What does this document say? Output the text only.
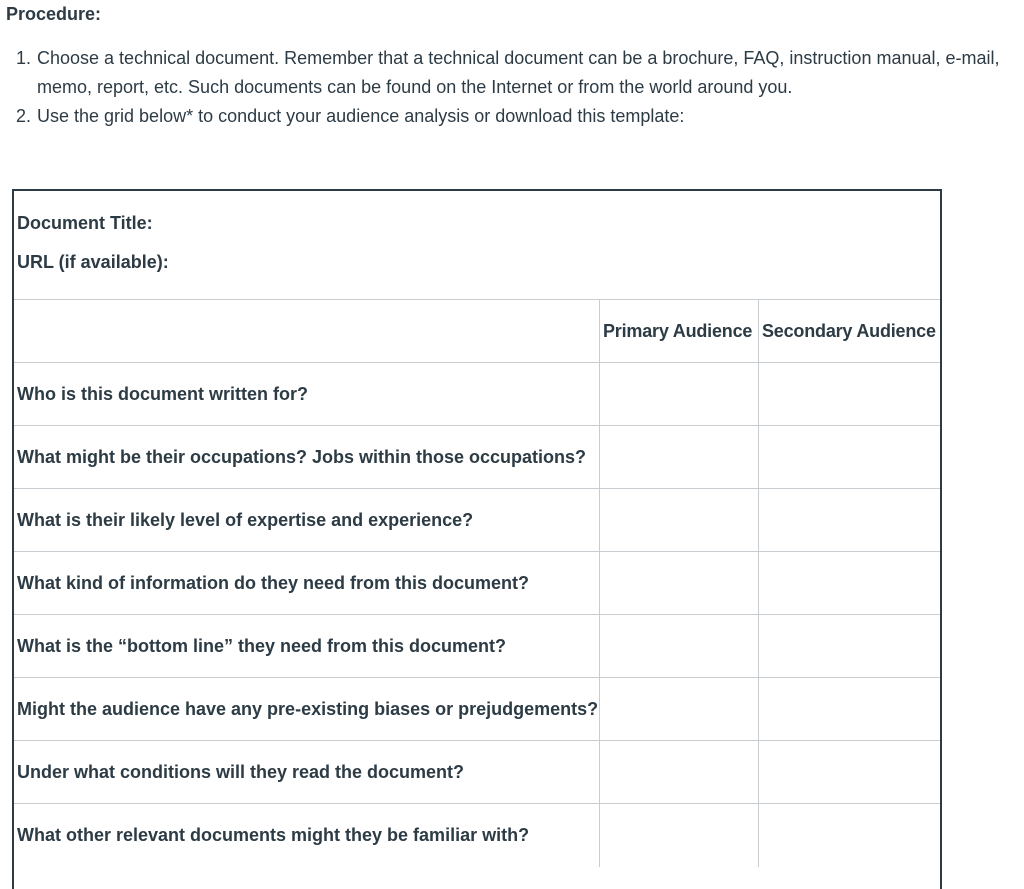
Procedure:
1. Choose a technical document. Remember that a technical document can be a brochure, FAQ, instruction manual, e-mail, memo, report, etc. Such documents can be found on the Internet or from the world around you.
2. Use the grid below* to conduct your audience analysis or download this template:
Document Title:
URL (if available):
Primary Audience Secondary Audience
Who is this document written for?
What might be their occupations? Jobs within those occupations?
What is their likely level of expertise and experience?
What kind of information do they need from this document?
What is the “bottom line” they need from this document?
Might the audience have any pre-existing biases or prejudgements?
Under what conditions will they read the document?
What other relevant documents might they be familiar with?
